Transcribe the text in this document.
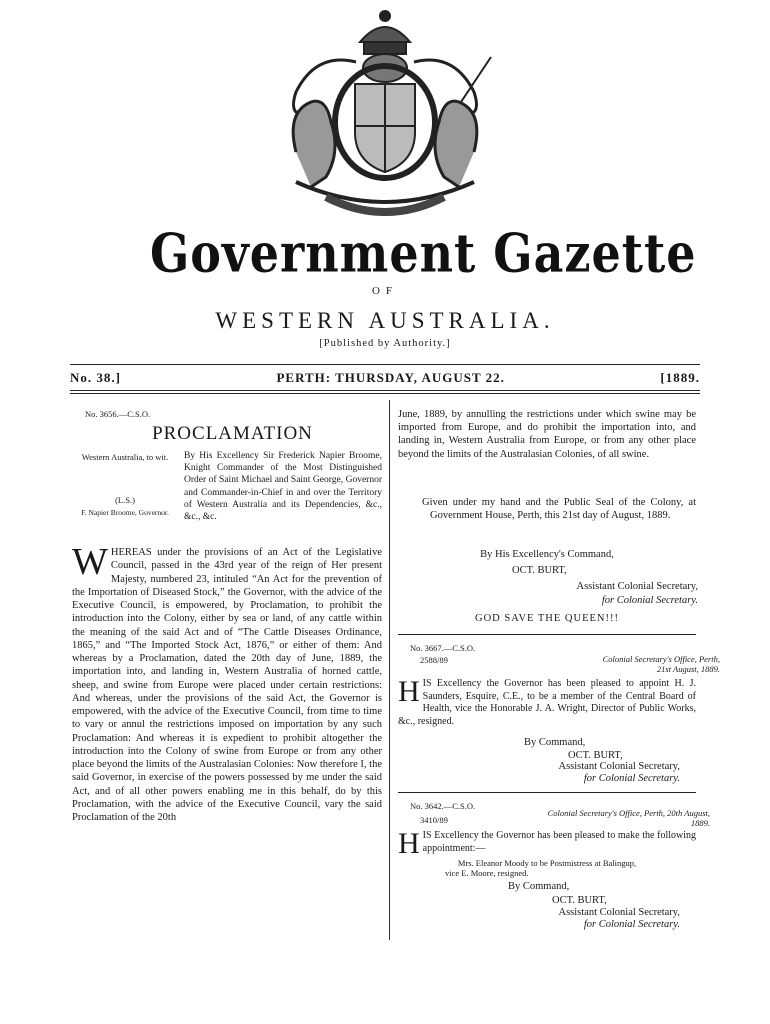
Government Gazette
OF
WESTERN AUSTRALIA.
[Published by Authority.]
No. 38.]	PERTH: THURSDAY, AUGUST 22.	[1889.
No. 3656.—C.S.O.
PROCLAMATION
Western Australia, to wit.
(L.S.)
F. Napier Broome, Governor.
By His Excellency Sir Frederick Napier Broome, Knight Commander of the Most Distinguished Order of Saint Michael and Saint George, Governor and Commander-in-Chief in and over the Territory of Western Australia and its Dependencies, &c., &c., &c.
WHEREAS under the provisions of an Act of the Legislative Council, passed in the 43rd year of the reign of Her present Majesty, numbered 23, intituled “An Act for the prevention of the Importation of Diseased Stock,” the Governor, with the advice of the Executive Council, is empowered, by Proclamation, to prohibit the introduction into the Colony, either by sea or land, of any cattle within the meaning of the said Act and of “The Cattle Diseases Ordinance, 1865,” and “The Imported Stock Act, 1876,” or either of them: And whereas by a Proclamation, dated the 20th day of June, 1889, the importation into, and landing in, Western Australia of horned cattle, sheep, and swine from Europe were placed under certain restrictions: And whereas, under the provisions of the said Act, the Governor is empowered, with the advice of the Executive Council, from time to time to vary or annul the restrictions imposed on importation by any such Proclamation: And whereas it is expedient to prohibit altogether the introduction into the Colony of swine from Europe or from any other place beyond the limits of the Australasian Colonies: Now therefore I, the said Governor, in exercise of the powers possessed by me under the said Act, and of all other powers enabling me in this behalf, do by this Proclamation, with the advice of the Executive Council, vary the said Proclamation of the 20th
June, 1889, by annulling the restrictions under which swine may be imported from Europe, and do prohibit the importation into, and landing in, Western Australia from Europe, or from any other place beyond the limits of the Australasian Colonies, of all swine.
Given under my hand and the Public Seal of the Colony, at Government House, Perth, this 21st day of August, 1889.
By His Excellency's Command,
OCT. BURT,
Assistant Colonial Secretary,
for Colonial Secretary.
GOD SAVE THE QUEEN!!!
No. 3667.—C.S.O.
2588/89	Colonial Secretary's Office, Perth, 21st August, 1889.
HIS Excellency the Governor has been pleased to appoint H. J. Saunders, Esquire, C.E., to be a member of the Central Board of Health, vice the Honorable J. A. Wright, Director of Public Works, &c., resigned.
By Command,
OCT. BURT,
Assistant Colonial Secretary,
for Colonial Secretary.
No. 3642.—C.S.O.
3410/89
Colonial Secretary's Office, Perth, 20th August, 1889.
HIS Excellency the Governor has been pleased to make the following appointment:—
Mrs. Eleanor Moody to be Postmistress at Balingup,
vice E. Moore, resigned.
By Command,
OCT. BURT,
Assistant Colonial Secretary,
for Colonial Secretary.
